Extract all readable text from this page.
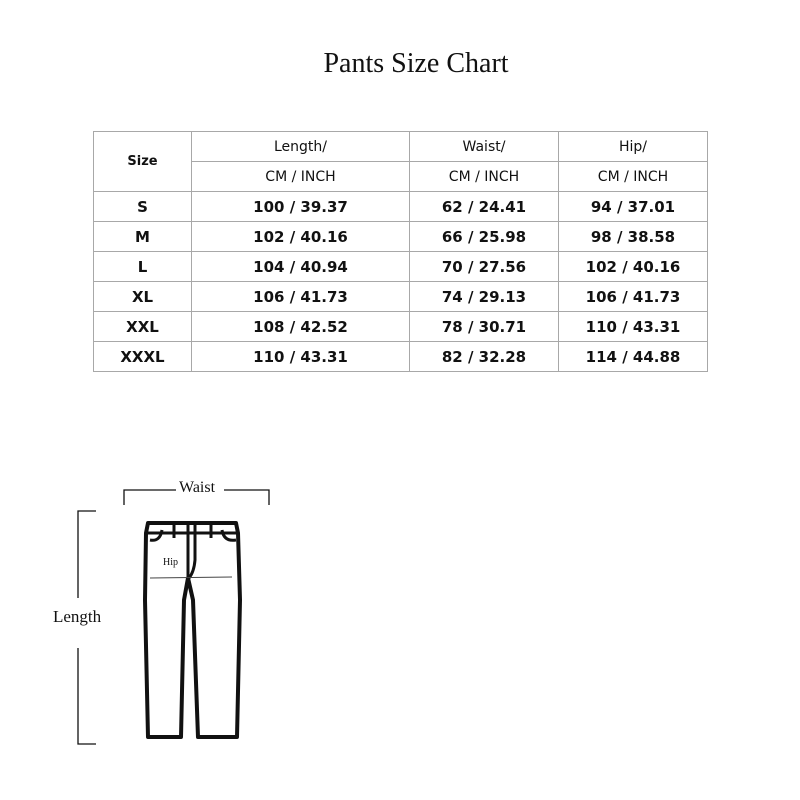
Pants Size Chart
Size	Length/	Waist/	Hip/
	CM / INCH	CM / INCH	CM / INCH
S	100 / 39.37	62 / 24.41	94 / 37.01
M	102 / 40.16	66 / 25.98	98 / 38.58
L	104 / 40.94	70 / 27.56	102 / 40.16
XL	106 / 41.73	74 / 29.13	106 / 41.73
XXL	108 / 42.52	78 / 30.71	110 / 43.31
XXXL	110 / 43.31	82 / 32.28	114 / 44.88
Waist
Hip
Length
